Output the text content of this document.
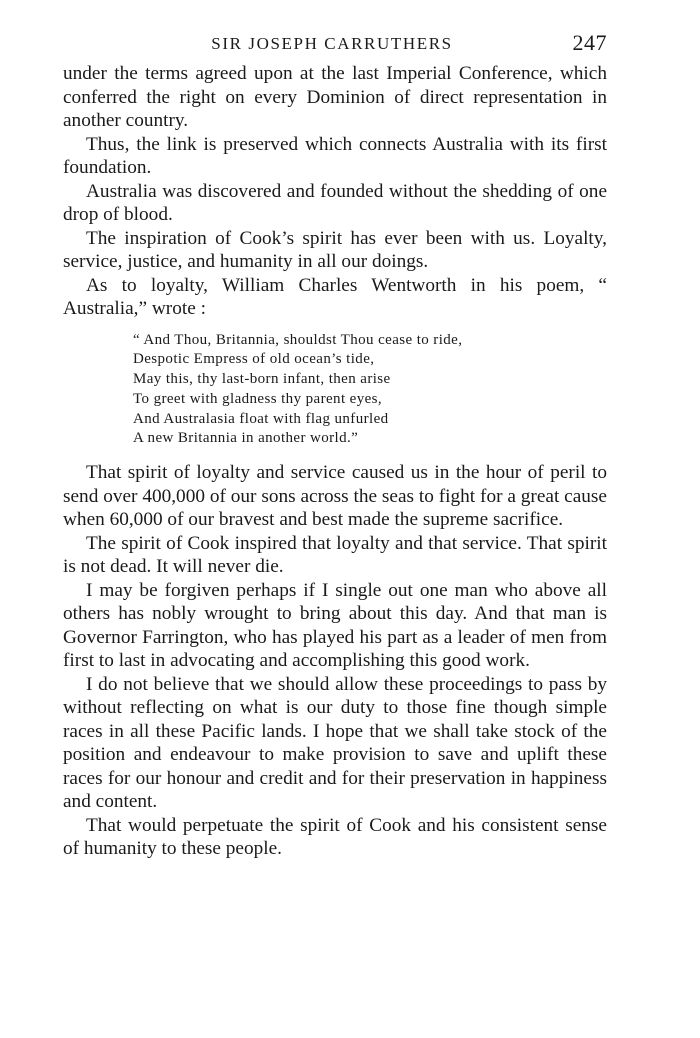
SIR JOSEPH CARRUTHERS	247

under the terms agreed upon at the last Imperial Conference, which conferred the right on every Dominion of direct representation in another country.

Thus, the link is preserved which connects Australia with its first foundation.

Australia was discovered and founded without the shedding of one drop of blood.

The inspiration of Cook’s spirit has ever been with us. Loyalty, service, justice, and humanity in all our doings.

As to loyalty, William Charles Wentworth in his poem, “ Australia,” wrote :

“ And Thou, Britannia, shouldst Thou cease to ride,
Despotic Empress of old ocean’s tide,
May this, thy last-born infant, then arise
To greet with gladness thy parent eyes,
And Australasia float with flag unfurled
A new Britannia in another world.”

That spirit of loyalty and service caused us in the hour of peril to send over 400,000 of our sons across the seas to fight for a great cause when 60,000 of our bravest and best made the supreme sacrifice.

The spirit of Cook inspired that loyalty and that service. That spirit is not dead. It will never die.

I may be forgiven perhaps if I single out one man who above all others has nobly wrought to bring about this day. And that man is Governor Farrington, who has played his part as a leader of men from first to last in advocating and accomplishing this good work.

I do not believe that we should allow these proceedings to pass by without reflecting on what is our duty to those fine though simple races in all these Pacific lands. I hope that we shall take stock of the position and endeavour to make provision to save and uplift these races for our honour and credit and for their preservation in happiness and content.

That would perpetuate the spirit of Cook and his consistent sense of humanity to these people.
